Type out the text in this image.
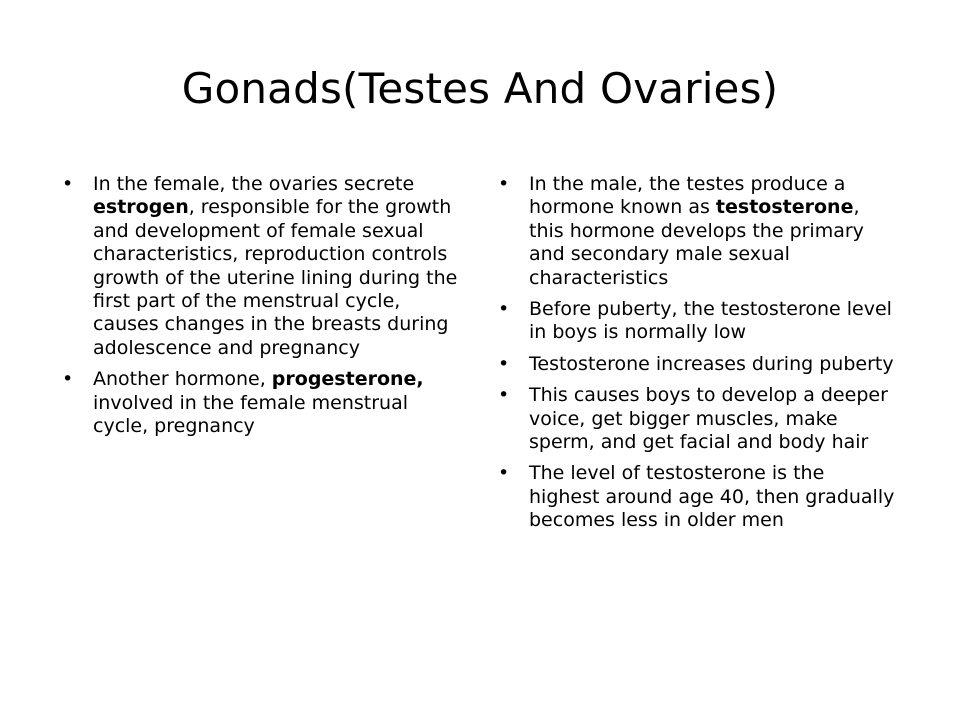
Gonads(Testes And Ovaries)
• In the female, the ovaries secrete estrogen, responsible for the growth and development of female sexual characteristics, reproduction controls growth of the uterine lining during the first part of the menstrual cycle, causes changes in the breasts during adolescence and pregnancy
• Another hormone, progesterone, involved in the female menstrual cycle, pregnancy
• In the male, the testes produce a hormone known as testosterone, this hormone develops the primary and secondary male sexual characteristics
• Before puberty, the testosterone level in boys is normally low
• Testosterone increases during puberty
• This causes boys to develop a deeper voice, get bigger muscles, make sperm, and get facial and body hair
• The level of testosterone is the highest around age 40, then gradually becomes less in older men
